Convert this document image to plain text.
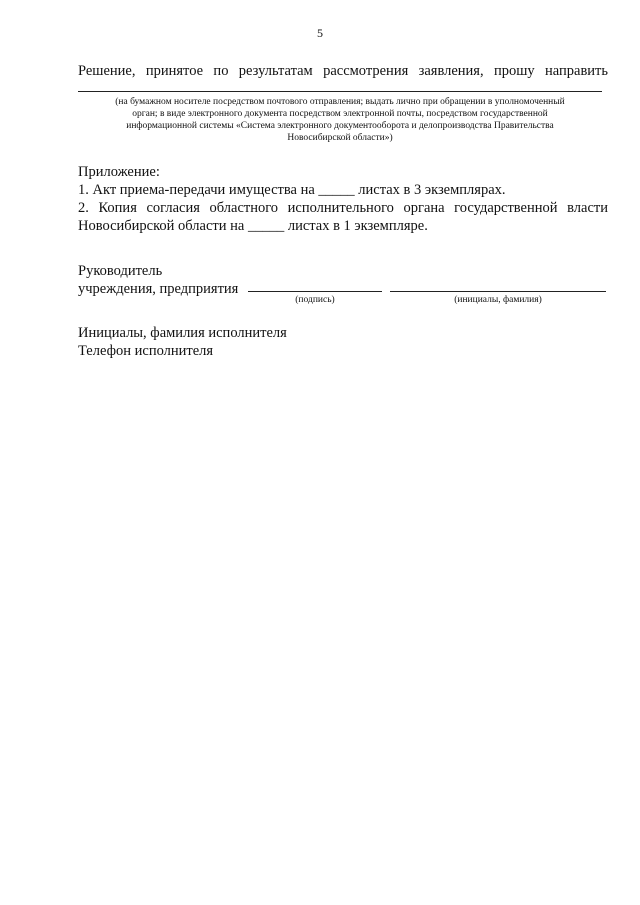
5
Решение, принятое по результатам рассмотрения заявления, прошу направить
(на бумажном носителе посредством почтового отправления; выдать лично при обращении в уполномоченный
орган; в виде электронного документа посредством электронной почты, посредством государственной
информационной системы «Система электронного документооборота и делопроизводства Правительства
Новосибирской области»)
Приложение:
1. Акт приема-передачи имущества на _____ листах в 3 экземплярах.
2. Копия согласия областного исполнительного органа государственной власти
Новосибирской области на _____ листах в 1 экземпляре.
Руководитель
учреждения, предприятия
(подпись)	(инициалы, фамилия)
Инициалы, фамилия исполнителя
Телефон исполнителя
